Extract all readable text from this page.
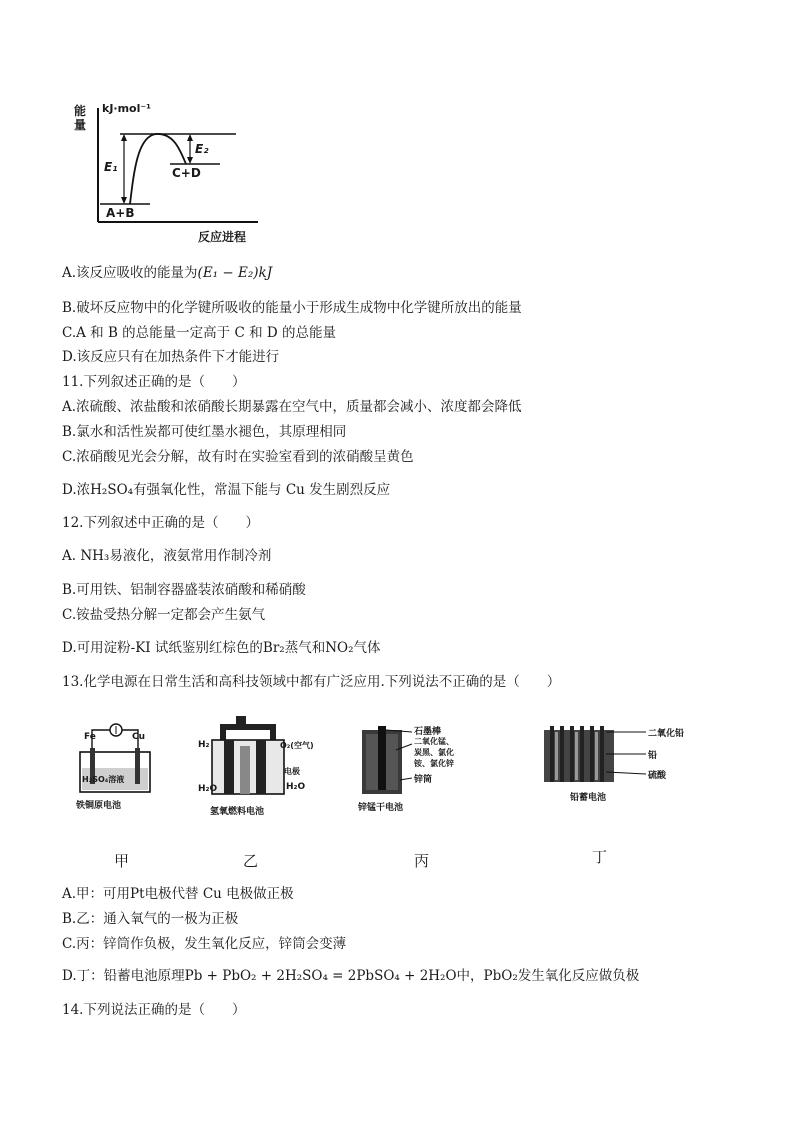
能
量
kJ·mol⁻¹
E₁
E₂
A+B
C+D
反应进程
A.该反应吸收的能量为(E₁ − E₂)kJ
B.破坏反应物中的化学键所吸收的能量小于形成生成物中化学键所放出的能量
C.A 和 B 的总能量一定高于 C 和 D 的总能量
D.该反应只有在加热条件下才能进行
11.下列叙述正确的是（　　）
A.浓硫酸、浓盐酸和浓硝酸长期暴露在空气中，质量都会减小、浓度都会降低
B.氯水和活性炭都可使红墨水褪色，其原理相同
C.浓硝酸见光会分解，故有时在实验室看到的浓硝酸呈黄色
D.浓H₂SO₄有强氧化性，常温下能与 Cu 发生剧烈反应
12.下列叙述中正确的是（　　）
A. NH₃易液化，液氨常用作制冷剂
B.可用铁、铝制容器盛装浓硝酸和稀硝酸
C.铵盐受热分解一定都会产生氨气
D.可用淀粉-KI 试纸鉴别红棕色的Br₂蒸气和NO₂气体
13.化学电源在日常生活和高科技领域中都有广泛应用.下列说法不正确的是（　　）
Fe	Cu
H₂SO₄溶液
铁铜原电池
H₂	O₂(空气)
电极
H₂O	H₂O
氢氧燃料电池
石墨棒
二氧化锰、
炭黑、氯化
铵、氯化锌
锌筒
锌锰干电池
二氧化铅
铅
硫酸
铅蓄电池
甲	乙	丙	丁
A.甲：可用Pt电极代替 Cu 电极做正极
B.乙：通入氧气的一极为正极
C.丙：锌筒作负极，发生氧化反应，锌筒会变薄
D.丁：铅蓄电池原理Pb + PbO₂ + 2H₂SO₄ = 2PbSO₄ + 2H₂O中，PbO₂发生氧化反应做负极
14.下列说法正确的是（　　）
